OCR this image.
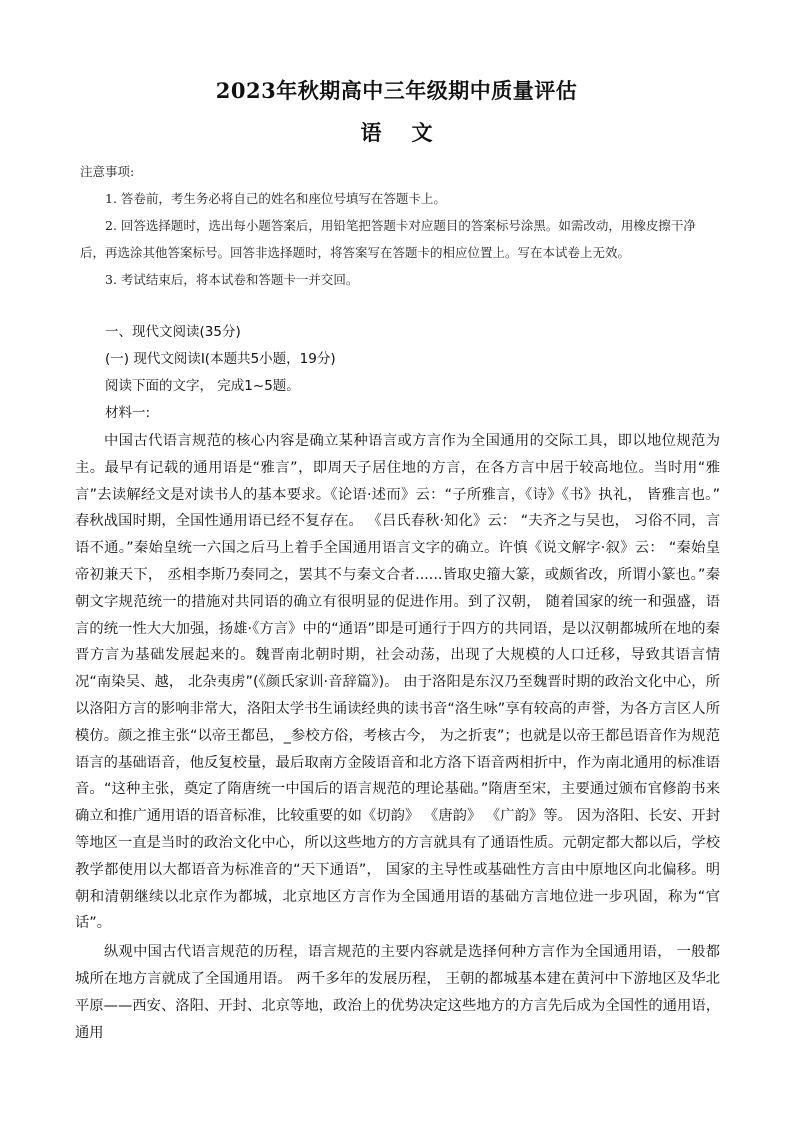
2023年秋期高中三年级期中质量评估
语 文

注意事项:

1. 答卷前，考生务必将自己的姓名和座位号填写在答题卡上。

2. 回答选择题时，选出每小题答案后，用铅笔把答题卡对应题目的答案标号涂黑。如需改动，用橡皮擦干净后，再选涂其他答案标号。回答非选择题时，将答案写在答题卡的相应位置上。写在本试卷上无效。

3. 考试结束后，将本试卷和答题卡一并交回。

一、现代文阅读(35分)

(一) 现代文阅读Ⅰ(本题共5小题，19分)

阅读下面的文字， 完成1~5题。

材料一:

中国古代语言规范的核心内容是确立某种语言或方言作为全国通用的交际工具，即以地位规范为主。最早有记载的通用语是“雅言”，即周天子居住地的方言，在各方言中居于较高地位。当时用“雅言”去读解经文是对读书人的基本要求。《论语·述而》云：“子所雅言，《诗》《书》执礼， 皆雅言也。” 春秋战国时期，全国性通用语已经不复存在。 《吕氏春秋·知化》云： “夫齐之与吴也， 习俗不同，言语不通。”秦始皇统一六国之后马上着手全国通用语言文字的确立。许慎《说文解字·叙》云： “秦始皇帝初兼天下， 丞相李斯乃奏同之，罢其不与秦文合者......皆取史籀大篆，或颇省改，所谓小篆也。”秦朝文字规范统一的措施对共同语的确立有很明显的促进作用。到了汉朝， 随着国家的统一和强盛，语言的统一性大大加强，扬雄·《方言》中的“通语”即是可通行于四方的共同语，是以汉朝都城所在地的秦晋方言为基础发展起来的。魏晋南北朝时期，社会动荡，出现了大规模的人口迁移，导致其语言情况“南染吴、越， 北杂夷虏”(《颜氏家训·音辞篇》)。 由于洛阳是东汉乃至魏晋时期的政治文化中心，所以洛阳方言的影响非常大，洛阳太学书生诵读经典的读书音“洛生咏”享有较高的声誉，为各方言区人所模仿。颜之推主张“以帝王都邑，_参校方俗，考核古今， 为之折衷”；也就是以帝王都邑语音作为规范语言的基础语音，他反复校量，最后取南方金陵语音和北方洛下语音两相折中，作为南北通用的标准语音。“这种主张，奠定了隋唐统一中国后的语言规范的理论基础。”隋唐至宋，主要通过颁布官修韵书来确立和推广通用语的语音标准，比较重要的如《切韵》 《唐韵》 《广韵》等。 因为洛阳、长安、开封等地区一直是当时的政治文化中心，所以这些地方的方言就具有了通语性质。元朝定都大都以后，学校教学都使用以大都语音为标准音的“天下通语”， 国家的主导性或基础性方言由中原地区向北偏移。明朝和清朝继续以北京作为都城，北京地区方言作为全国通用语的基础方言地位进一步巩固，称为“官话”。

纵观中国古代语言规范的历程，语言规范的主要内容就是选择何种方言作为全国通用语， 一般都城所在地方言就成了全国通用语。 两千多年的发展历程， 王朝的都城基本建在黄河中下游地区及华北平原——西安、洛阳、开封、北京等地，政治上的优势决定这些地方的方言先后成为全国性的通用语，通用
